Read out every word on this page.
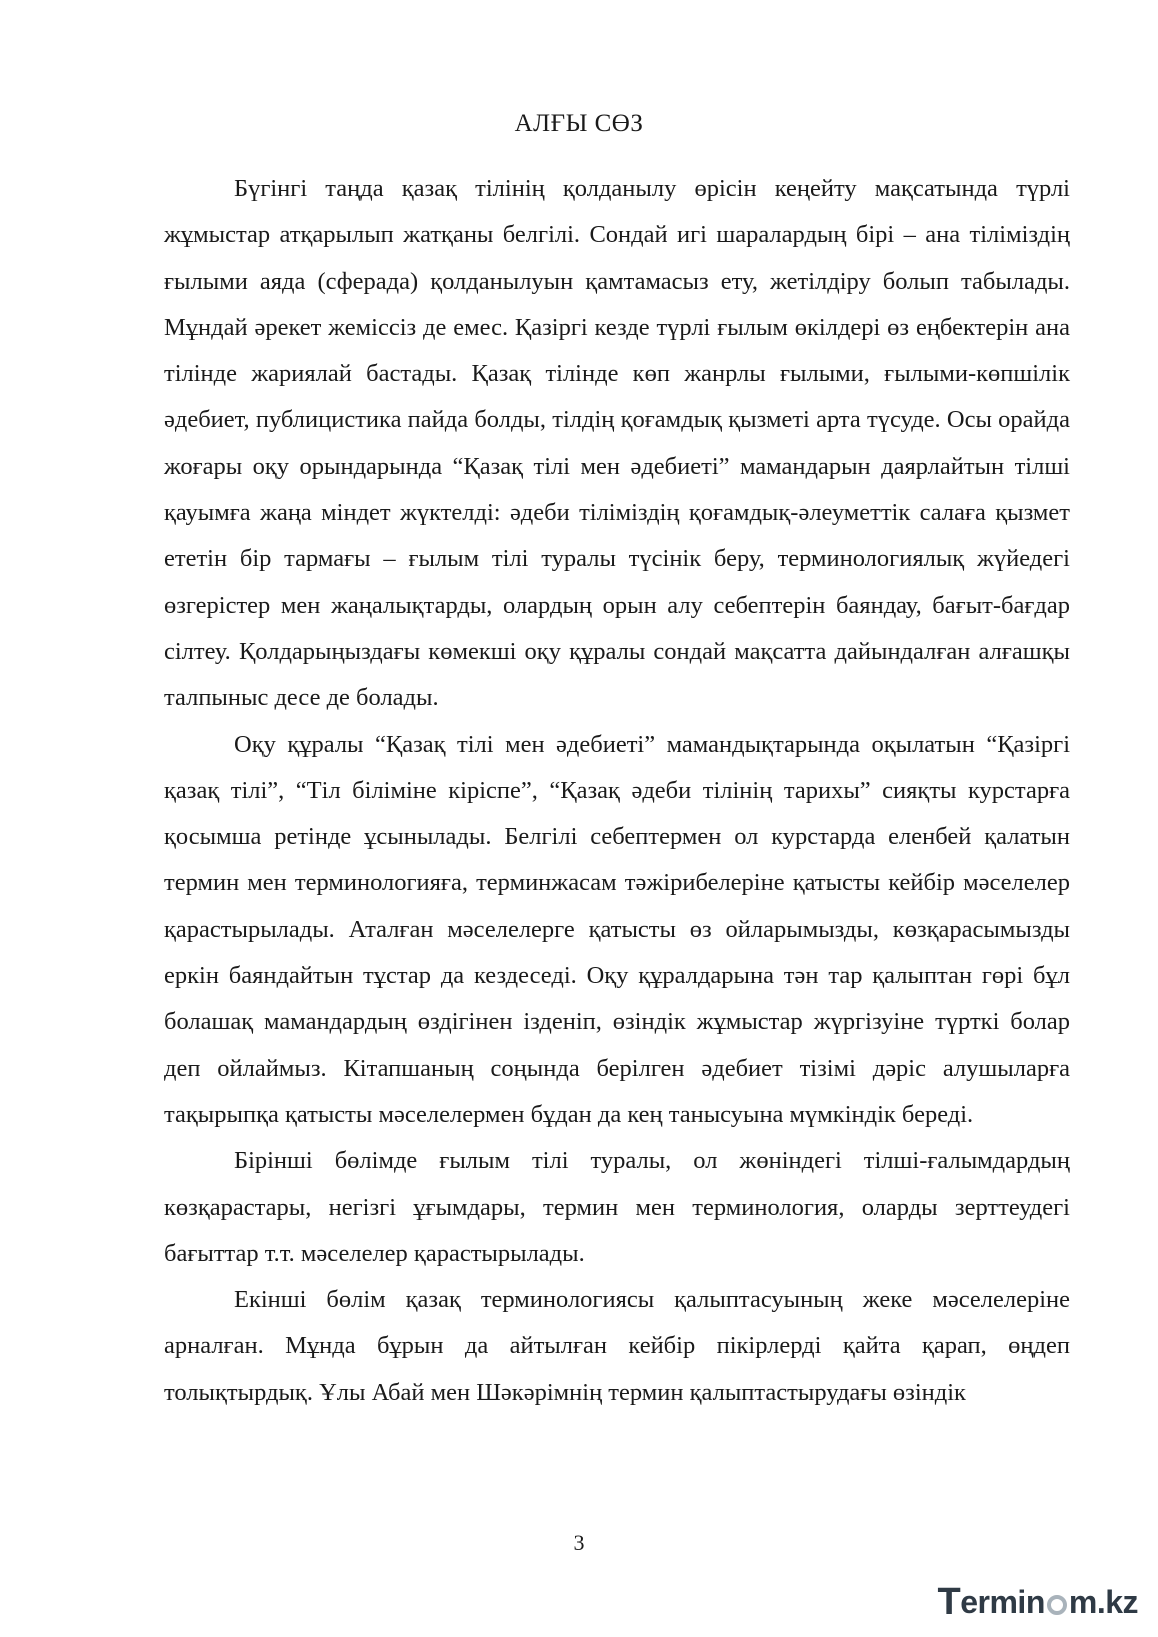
АЛҒЫ СӨЗ

Бүгінгі таңда қазақ тілінің қолданылу өрісін кеңейту мақсатында түрлі жұмыстар атқарылып жатқаны белгілі. Сондай игі шаралардың бірі – ана тіліміздің ғылыми аяда (сферада) қолданылуын қамтамасыз ету, жетілдіру болып табылады. Мұндай әрекет жеміссіз де емес. Қазіргі кезде түрлі ғылым өкілдері өз еңбектерін ана тілінде жариялай бастады. Қазақ тілінде көп жанрлы ғылыми, ғылыми-көпшілік әдебиет, публицистика пайда болды, тілдің қоғамдық қызметі арта түсуде. Осы орайда жоғары оқу орындарында “Қазақ тілі мен әдебиеті” мамандарын даярлайтын тілші қауымға жаңа міндет жүктелді: әдеби тіліміздің қоғамдық-әлеуметтік салаға қызмет ететін бір тармағы – ғылым тілі туралы түсінік беру, терминологиялық жүйедегі өзгерістер мен жаңалықтарды, олардың орын алу себептерін баяндау, бағыт-бағдар сілтеу. Қолдарыңыздағы көмекші оқу құралы сондай мақсатта дайындалған алғашқы талпыныс десе де болады.

Оқу құралы “Қазақ тілі мен әдебиеті” мамандықтарында оқылатын “Қазіргі қазақ тілі”, “Тіл біліміне кіріспе”, “Қазақ әдеби тілінің тарихы” сияқты курстарға қосымша ретінде ұсынылады. Белгілі себептермен ол курстарда еленбей қалатын термин мен терминологияға, терминжасам тәжірибелеріне қатысты кейбір мәселелер қарастырылады. Аталған мәселелерге қатысты өз ойларымызды, көзқарасымызды еркін баяндайтын тұстар да кездеседі. Оқу құралдарына тән тар қалыптан гөрі бұл болашақ мамандардың өздігінен ізденіп, өзіндік жұмыстар жүргізуіне түрткі болар деп ойлаймыз. Кітапшаның соңында берілген әдебиет тізімі дәріс алушыларға тақырыпқа қатысты мәселелермен бұдан да кең танысуына мүмкіндік береді.

Бірінші бөлімде ғылым тілі туралы, ол жөніндегі тілші-ғалымдардың көзқарастары, негізгі ұғымдары, термин мен терминология, оларды зерттеудегі бағыттар т.т. мәселелер қарастырылады.

Екінші бөлім қазақ терминологиясы қалыптасуының жеке мәселелеріне арналған. Мұнда бұрын да айтылған кейбір пікірлерді қайта қарап, өңдеп толықтырдық. Ұлы Абай мен Шәкәрімнің термин қалыптастырудағы өзіндік

3
T ermin m.kz
